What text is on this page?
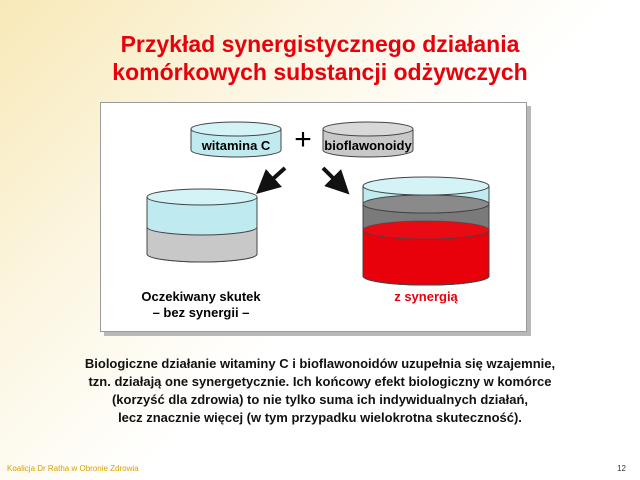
Przykład synergistycznego działania
komórkowych substancji odżywczych
witamina C + bioflawonoidy
Oczekiwany skutek
– bez synergii –
z synergią
Biologiczne działanie witaminy C i bioflawonoidów uzupełnia się wzajemnie,
tzn. działają one synergetycznie. Ich końcowy efekt biologiczny w komórce
(korzyść dla zdrowia) to nie tylko suma ich indywidualnych działań,
lecz znacznie więcej (w tym przypadku wielokrotna skuteczność).
Koalicja Dr Ratha w Obronie Zdrowia	12
